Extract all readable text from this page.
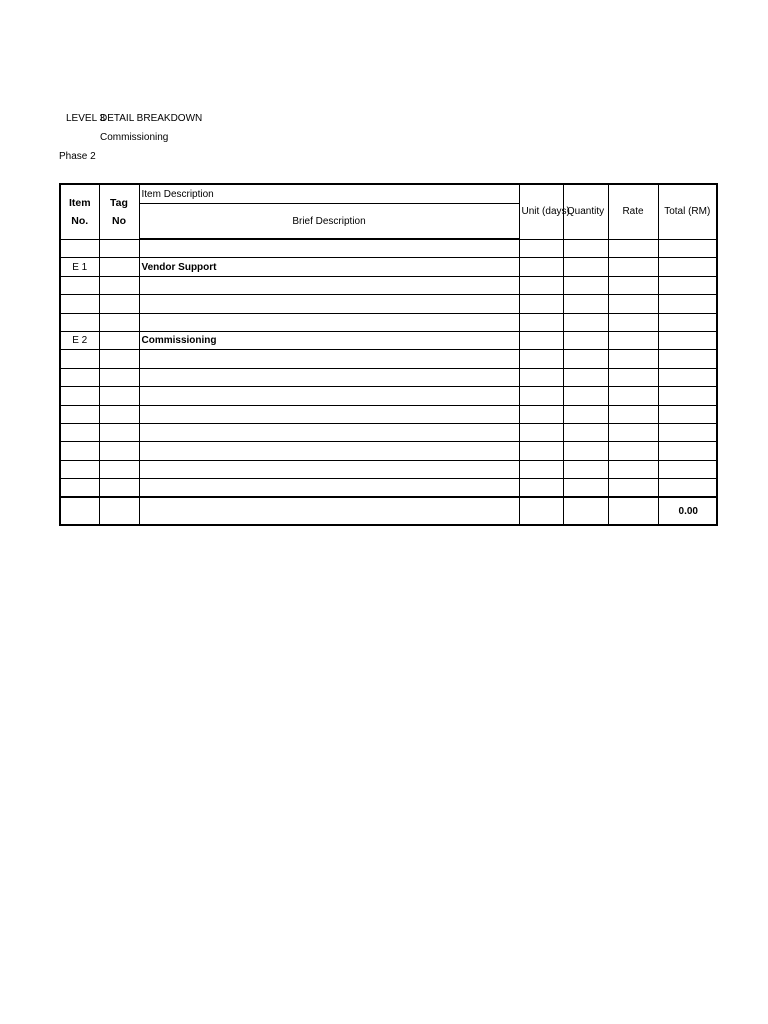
LEVEL 3
DETAIL BREAKDOWN
Commissioning
Phase 2
Item No.	Tag No	Item Description	Unit (days)	Quantity	Rate	Total (RM)
		Brief Description				

E 1		Vendor Support				

E 2		Commissioning				

						0.00
